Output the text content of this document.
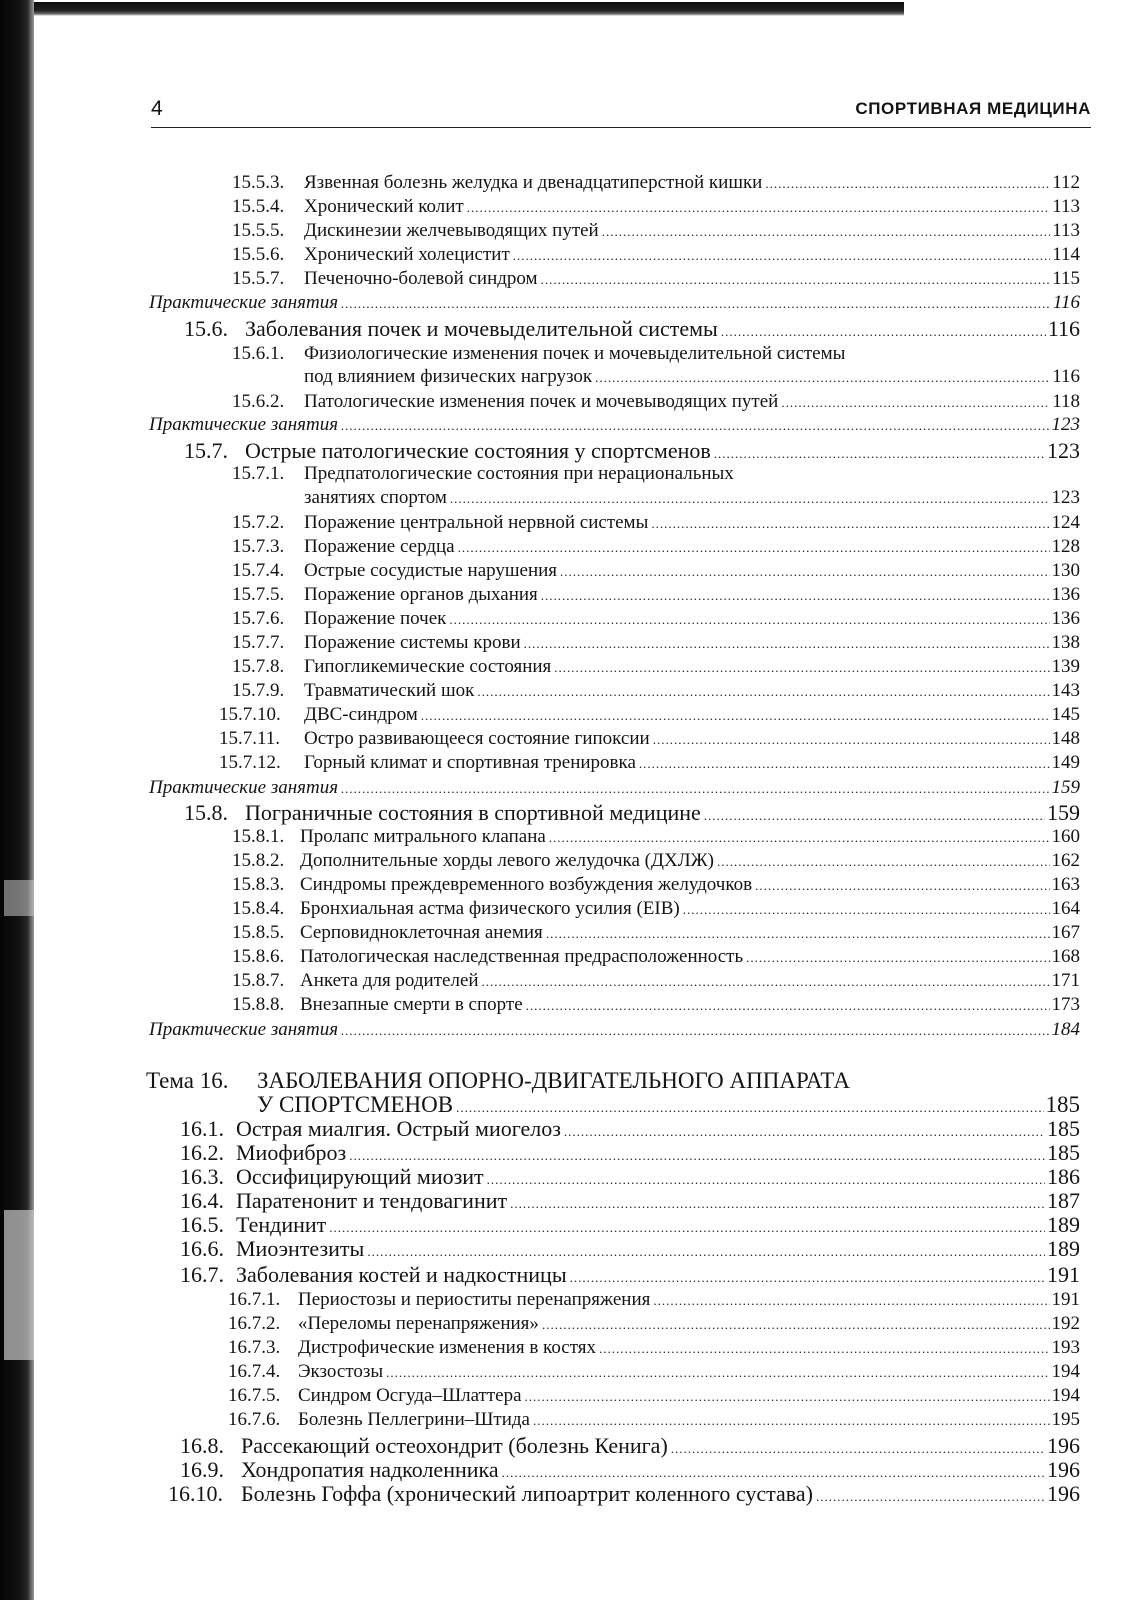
4	СПОРТИВНАЯ МЕДИЦИНА
15.5.3. Язвенная болезнь желудка и двенадцатиперстной кишки .....	112
15.5.4. Хронический колит .....	113
15.5.5. Дискинезии желчевыводящих путей .....	113
15.5.6. Хронический холецистит .....	114
15.5.7. Печеночно-болевой синдром .....	115
Практические занятия .....	116
15.6. Заболевания почек и мочевыделительной системы .....	116
15.6.1. Физиологические изменения почек и мочевыделительной системы
под влиянием физических нагрузок .....	116
15.6.2. Патологические изменения почек и мочевыводящих путей .....	118
Практические занятия .....	123
15.7. Острые патологические состояния у спортсменов .....	123
15.7.1. Предпатологические состояния при нерациональных
занятиях спортом .....	123
15.7.2. Поражение центральной нервной системы .....	124
15.7.3. Поражение сердца .....	128
15.7.4. Острые сосудистые нарушения .....	130
15.7.5. Поражение органов дыхания .....	136
15.7.6. Поражение почек .....	136
15.7.7. Поражение системы крови .....	138
15.7.8. Гипогликемические состояния .....	139
15.7.9. Травматический шок .....	143
15.7.10. ДВС-синдром .....	145
15.7.11. Остро развивающееся состояние гипоксии .....	148
15.7.12. Горный климат и спортивная тренировка .....	149
Практические занятия .....	159
15.8. Пограничные состояния в спортивной медицине .....	159
15.8.1. Пролапс митрального клапана .....	160
15.8.2. Дополнительные хорды левого желудочка (ДХЛЖ) .....	162
15.8.3. Синдромы преждевременного возбуждения желудочков .....	163
15.8.4. Бронхиальная астма физического усилия (EIB) .....	164
15.8.5. Серповидноклеточная анемия .....	167
15.8.6. Патологическая наследственная предрасположенность .....	168
15.8.7. Анкета для родителей .....	171
15.8.8. Внезапные смерти в спорте .....	173
Практические занятия .....	184
Тема 16. ЗАБОЛЕВАНИЯ ОПОРНО-ДВИГАТЕЛЬНОГО АППАРАТА
У СПОРТСМЕНОВ .....	185
16.1. Острая миалгия. Острый миогелоз .....	185
16.2. Миофиброз .....	185
16.3. Оссифицирующий миозит .....	186
16.4. Паратенонит и тендовагинит .....	187
16.5. Тендинит .....	189
16.6. Миоэнтезиты .....	189
16.7. Заболевания костей и надкостницы .....	191
16.7.1. Периостозы и периоститы перенапряжения .....	191
16.7.2. «Переломы перенапряжения» .....	192
16.7.3. Дистрофические изменения в костях .....	193
16.7.4. Экзостозы .....	194
16.7.5. Синдром Осгуда–Шлаттера .....	194
16.7.6. Болезнь Пеллегрини–Штида .....	195
16.8. Рассекающий остеохондрит (болезнь Кенига) .....	196
16.9. Хондропатия надколенника .....	196
16.10. Болезнь Гоффа (хронический липоартрит коленного сустава) .....	196
